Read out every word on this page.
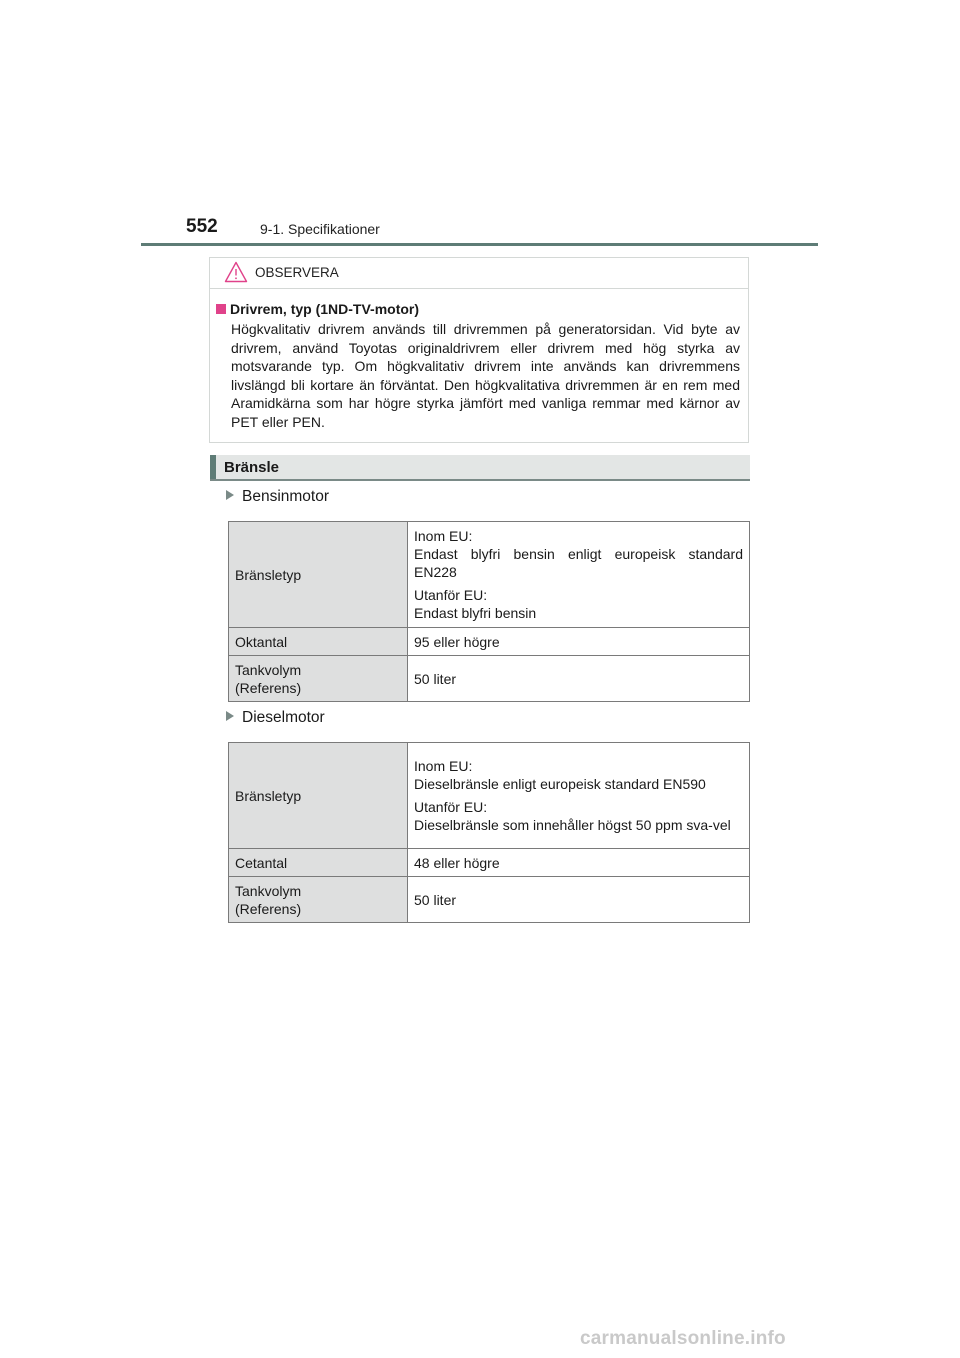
552	9-1. Specifikationer
OBSERVERA
Drivrem, typ (1ND-TV-motor)
Högkvalitativ drivrem används till drivremmen på generatorsidan. Vid byte av drivrem, använd Toyotas originaldrivrem eller drivrem med hög styrka av motsvarande typ. Om högkvalitativ drivrem inte används kan drivremmens livslängd bli kortare än förväntat. Den högkvalitativa drivremmen är en rem med Aramidkärna som har högre styrka jämfört med vanliga remmar med kärnor av PET eller PEN.
Bränsle
Bensinmotor
Bränsletyp	Inom EU:

Endast blyfri bensin enligt europeisk standard EN228

Utanför EU:
Endast blyfri bensin

Oktantal	95 eller högre
Tankvolym
(Referens)	50 liter
Dieselmotor
Bränsletyp	Inom EU:
Dieselbränsle enligt europeisk standard EN590

Utanför EU:

Dieselbränsle som innehåller högst 50 ppm sva-vel

Cetantal	48 eller högre
Tankvolym
(Referens)	50 liter
carmanualsonline.info
